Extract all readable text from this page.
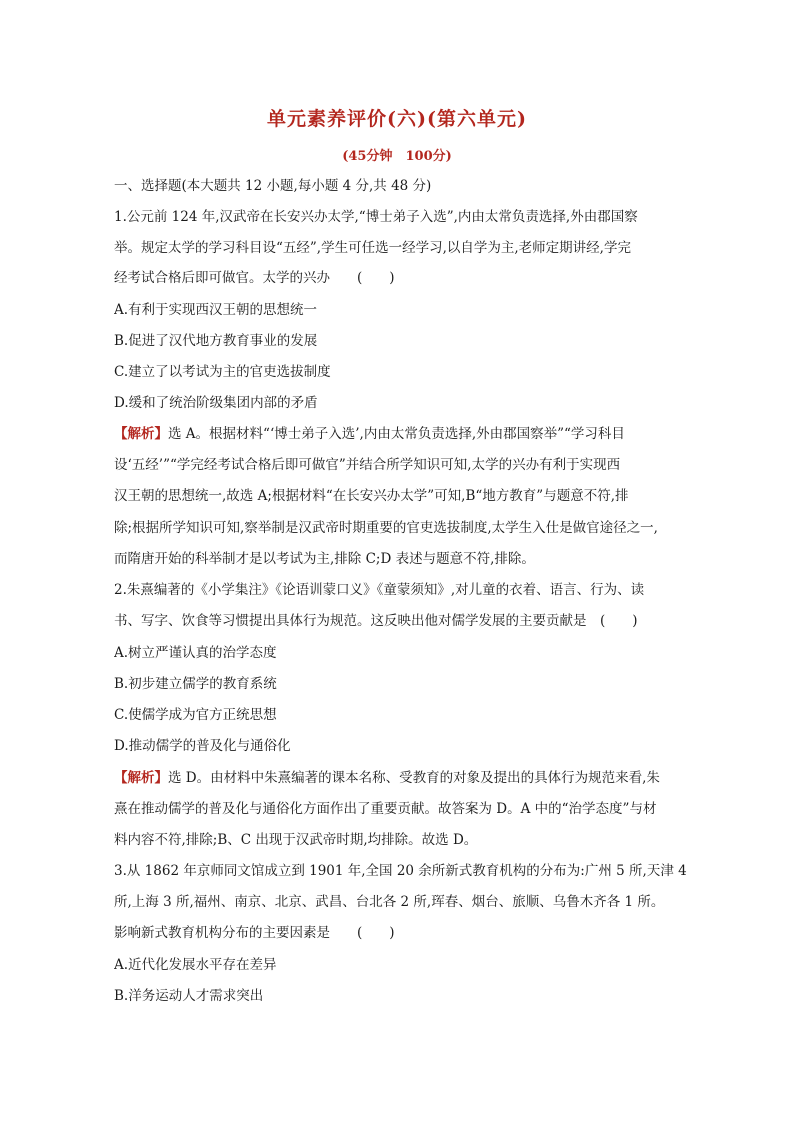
单元素养评价(六)(第六单元)
(45分钟　100分)
一、选择题(本大题共 12 小题,每小题 4 分,共 48 分)
1.公元前 124 年,汉武帝在长安兴办太学,“博士弟子入选”,内由太常负责选择,外由郡国察
举。规定太学的学习科目设“五经”,学生可任选一经学习,以自学为主,老师定期讲经,学完
经考试合格后即可做官。太学的兴办　　(　　)
A.有利于实现西汉王朝的思想统一
B.促进了汉代地方教育事业的发展
C.建立了以考试为主的官吏选拔制度
D.缓和了统治阶级集团内部的矛盾
【解析】选 A。根据材料“‘博士弟子入选’,内由太常负责选择,外由郡国察举”“学习科目
设‘五经’”“学完经考试合格后即可做官”并结合所学知识可知,太学的兴办有利于实现西
汉王朝的思想统一,故选 A;根据材料“在长安兴办太学”可知,B“地方教育”与题意不符,排
除;根据所学知识可知,察举制是汉武帝时期重要的官吏选拔制度,太学生入仕是做官途径之一,
而隋唐开始的科举制才是以考试为主,排除 C;D 表述与题意不符,排除。
2.朱熹编著的《小学集注》《论语训蒙口义》《童蒙须知》,对儿童的衣着、语言、行为、读
书、写字、饮食等习惯提出具体行为规范。这反映出他对儒学发展的主要贡献是　(　　)
A.树立严谨认真的治学态度
B.初步建立儒学的教育系统
C.使儒学成为官方正统思想
D.推动儒学的普及化与通俗化
【解析】选 D。由材料中朱熹编著的课本名称、受教育的对象及提出的具体行为规范来看,朱
熹在推动儒学的普及化与通俗化方面作出了重要贡献。故答案为 D。A 中的“治学态度”与材
料内容不符,排除;B、C 出现于汉武帝时期,均排除。故选 D。
3.从 1862 年京师同文馆成立到 1901 年,全国 20 余所新式教育机构的分布为:广州 5 所,天津 4
所,上海 3 所,福州、南京、北京、武昌、台北各 2 所,珲春、烟台、旅顺、乌鲁木齐各 1 所。
影响新式教育机构分布的主要因素是　　(　　)
A.近代化发展水平存在差异
B.洋务运动人才需求突出
